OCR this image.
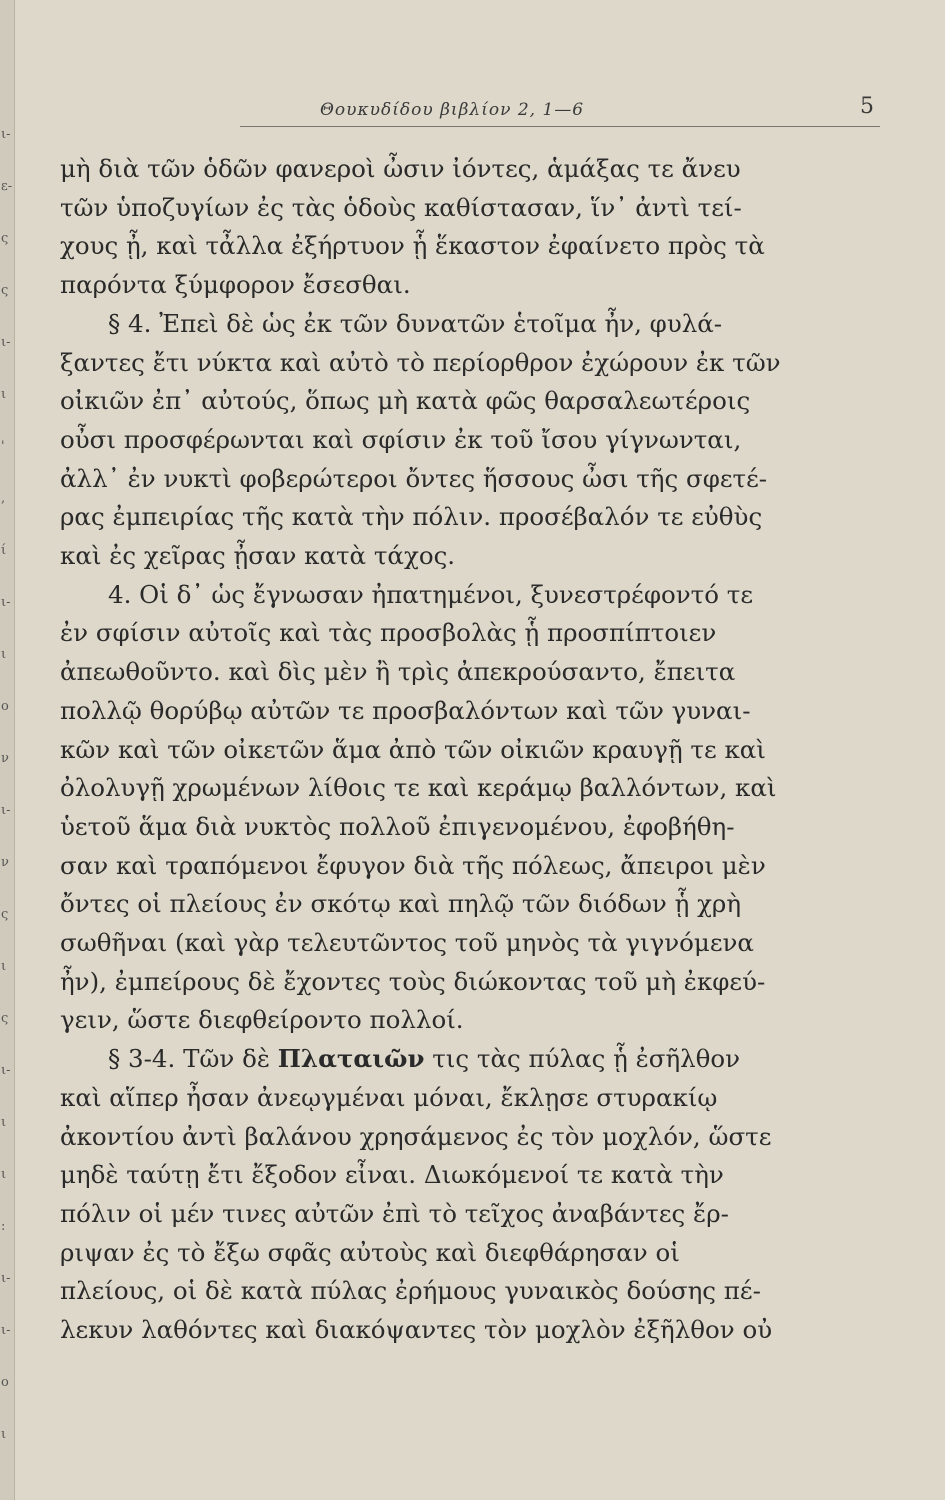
ι-
ε-
ς
ς
ι-
ι
'
,
ί
ι-
ι
ο
ν
ι-
ν
ς
ι
ς
ι-
ι
ι
:
ι-
ι-
ο
ι
Θουκυδίδου βιβλίον 2, 1—6	5
μὴ διὰ τῶν ὁδῶν φανεροὶ ὦσιν ἰόντες, ἁμάξας τε ἄνευ
τῶν ὑποζυγίων ἐς τὰς ὁδοὺς καθίστασαν, ἵν᾽ ἀντὶ τεί-
χους ᾖ, καὶ τἆλλα ἐξήρτυον ᾗ ἕκαστον ἐφαίνετο πρὸς τὰ
παρόντα ξύμφορον ἔσεσθαι.
§ 4. Ἐπεὶ δὲ ὡς ἐκ τῶν δυνατῶν ἑτοῖμα ἦν, φυλά-
ξαντες ἔτι νύκτα καὶ αὐτὸ τὸ περίορθρον ἐχώρουν ἐκ τῶν
οἰκιῶν ἐπ᾽ αὐτούς, ὅπως μὴ κατὰ φῶς θαρσαλεωτέροις
οὖσι προσφέρωνται καὶ σφίσιν ἐκ τοῦ ἴσου γίγνωνται,
ἀλλ᾽ ἐν νυκτὶ φοβερώτεροι ὄντες ἥσσους ὦσι τῆς σφετέ-
ρας ἐμπειρίας τῆς κατὰ τὴν πόλιν. προσέβαλόν τε εὐθὺς
καὶ ἐς χεῖρας ᾖσαν κατὰ τάχος.
4. Οἱ δ᾽ ὡς ἔγνωσαν ἠπατημένοι, ξυνεστρέφοντό τε
ἐν σφίσιν αὐτοῖς καὶ τὰς προσβολὰς ᾗ προσπίπτοιεν
ἀπεωθοῦντο. καὶ δὶς μὲν ἢ τρὶς ἀπεκρούσαντο, ἔπειτα
πολλῷ θορύβῳ αὐτῶν τε προσβαλόντων καὶ τῶν γυναι-
κῶν καὶ τῶν οἰκετῶν ἅμα ἀπὸ τῶν οἰκιῶν κραυγῇ τε καὶ
ὀλολυγῇ χρωμένων λίθοις τε καὶ κεράμῳ βαλλόντων, καὶ
ὑετοῦ ἅμα διὰ νυκτὸς πολλοῦ ἐπιγενομένου, ἐφοβήθη-
σαν καὶ τραπόμενοι ἔφυγον διὰ τῆς πόλεως, ἄπειροι μὲν
ὄντες οἱ πλείους ἐν σκότῳ καὶ πηλῷ τῶν διόδων ᾗ χρὴ
σωθῆναι (καὶ γὰρ τελευτῶντος τοῦ μηνὸς τὰ γιγνόμενα
ἦν), ἐμπείρους δὲ ἔχοντες τοὺς διώκοντας τοῦ μὴ ἐκφεύ-
γειν, ὥστε διεφθείροντο πολλοί.
§ 3-4. Τῶν δὲ Πλαταιῶν τις τὰς πύλας ᾗ ἐσῆλθον
καὶ αἵπερ ἦσαν ἀνεῳγμέναι μόναι, ἔκλῃσε στυρακίῳ
ἀκοντίου ἀντὶ βαλάνου χρησάμενος ἐς τὸν μοχλόν, ὥστε
μηδὲ ταύτῃ ἔτι ἔξοδον εἶναι. Διωκόμενοί τε κατὰ τὴν
πόλιν οἱ μέν τινες αὐτῶν ἐπὶ τὸ τεῖχος ἀναβάντες ἔρ-
ριψαν ἐς τὸ ἔξω σφᾶς αὐτοὺς καὶ διεφθάρησαν οἱ
πλείους, οἱ δὲ κατὰ πύλας ἐρήμους γυναικὸς δούσης πέ-
λεκυν λαθόντες καὶ διακόψαντες τὸν μοχλὸν ἐξῆλθον οὐ
